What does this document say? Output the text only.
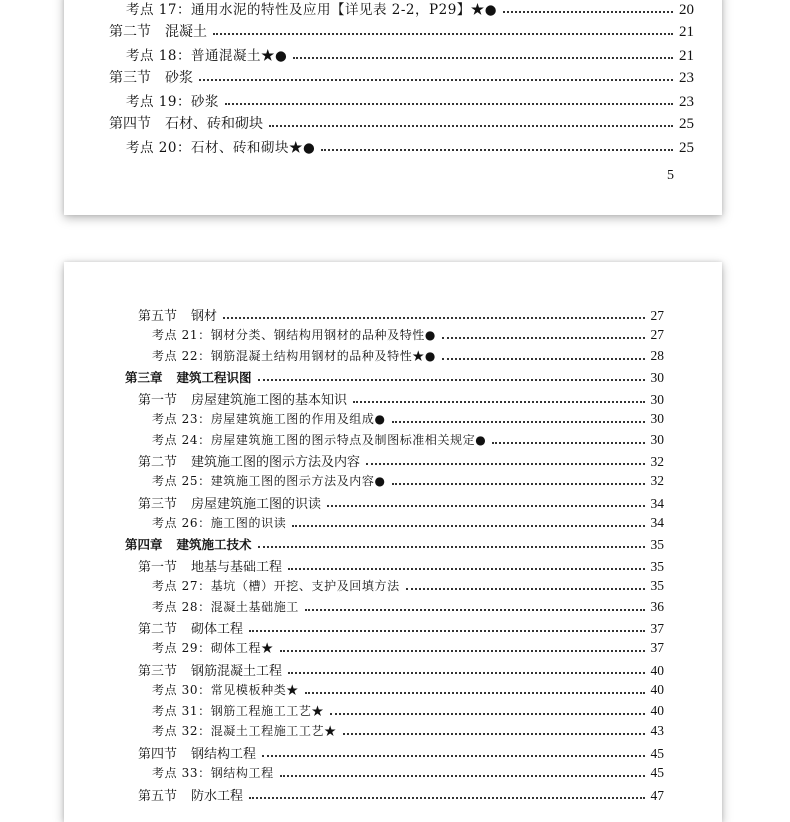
考点 17：通用水泥的特性及应用【详见表 2-2，P29】★●	20
第二节 混凝土	21
考点 18：普通混凝土★●	21
第三节 砂浆	23
考点 19：砂浆	23
第四节 石材、砖和砌块	25
考点 20：石材、砖和砌块★●	25
5
第五节 钢材	27
考点 21：钢材分类、钢结构用钢材的品种及特性●	27
考点 22：钢筋混凝土结构用钢材的品种及特性★●	28
第三章 建筑工程识图	30
第一节 房屋建筑施工图的基本知识	30
考点 23：房屋建筑施工图的作用及组成●	30
考点 24：房屋建筑施工图的图示特点及制图标准相关规定●	30
第二节 建筑施工图的图示方法及内容	32
考点 25：建筑施工图的图示方法及内容●	32
第三节 房屋建筑施工图的识读	34
考点 26：施工图的识读	34
第四章 建筑施工技术	35
第一节 地基与基础工程	35
考点 27：基坑（槽）开挖、支护及回填方法	35
考点 28：混凝土基础施工	36
第二节 砌体工程	37
考点 29：砌体工程★	37
第三节 钢筋混凝土工程	40
考点 30：常见模板种类★	40
考点 31：钢筋工程施工工艺★	40
考点 32：混凝土工程施工工艺★	43
第四节 钢结构工程	45
考点 33：钢结构工程	45
第五节 防水工程	47
